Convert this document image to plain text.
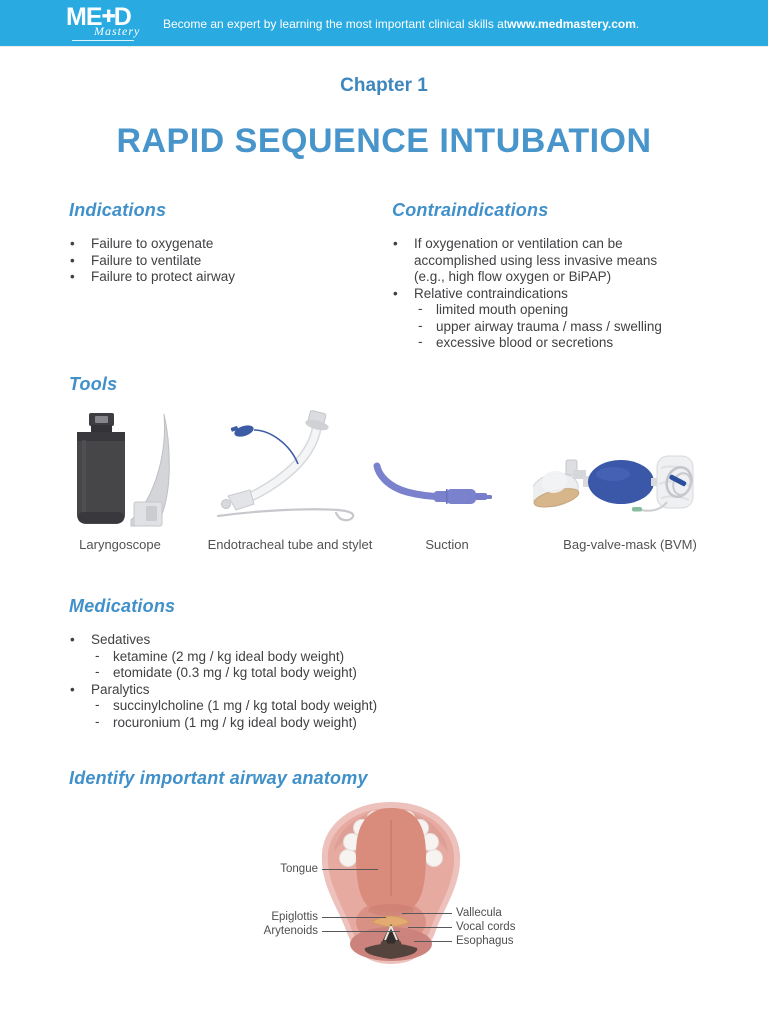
ME ✚ D
Mastery
Become an expert by learning the most important clinical skills at www.medmastery.com .
Chapter 1
RAPID SEQUENCE INTUBATION
Indications
• Failure to oxygenate
• Failure to ventilate
• Failure to protect airway
Contraindications
• If oxygenation or ventilation can be accomplished using less invasive means (e.g., high flow oxygen or BiPAP)
• Relative contraindications
- limited mouth opening
- upper airway trauma / mass / swelling
- excessive blood or secretions
Tools
Laryngoscope	Endotracheal tube and stylet	Suction	Bag-valve-mask (BVM)
Medications
• Sedatives
- ketamine (2 mg / kg ideal body weight)
- etomidate (0.3 mg / kg total body weight)
• Paralytics
- succinylcholine (1 mg / kg total body weight)
- rocuronium (1 mg / kg ideal body weight)
Identify important airway anatomy
Tongue
Epiglottis
Arytenoids
Vallecula
Vocal cords
Esophagus
